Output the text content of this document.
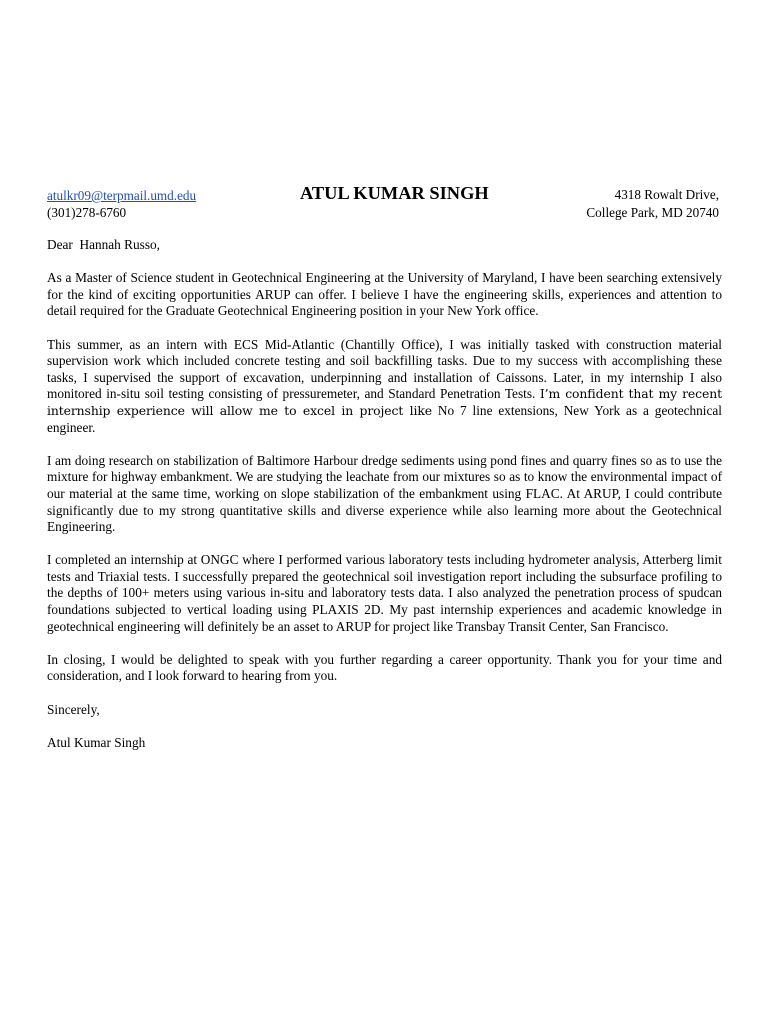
atulkr09@terpmail.umd.edu
(301)278-6760
ATUL KUMAR SINGH	4318 Rowalt Drive,
College Park, MD 20740

Dear  Hannah Russo,

As a Master of Science student in Geotechnical Engineering at the University of Maryland, I have been searching extensively for the kind of exciting opportunities ARUP can offer. I believe I have the engineering skills, experiences and attention to detail required for the Graduate Geotechnical Engineering position in your New York office.

This summer, as an intern with ECS Mid-Atlantic (Chantilly Office), I was initially tasked with construction material supervision work which included concrete testing and soil backfilling tasks. Due to my success with accomplishing these tasks, I supervised the support of excavation, underpinning and installation of Caissons. Later, in my internship I also monitored in-situ soil testing consisting of pressuremeter, and Standard Penetration Tests. I’m confident that my recent internship experience will allow me to excel in project like No 7 line extensions, New York as a geotechnical engineer.

I am doing research on stabilization of Baltimore Harbour dredge sediments using pond fines and quarry fines so as to use the mixture for highway embankment. We are studying the leachate from our mixtures so as to know the environmental impact of our material at the same time, working on slope stabilization of the embankment using FLAC. At ARUP, I could contribute significantly due to my strong quantitative skills and diverse experience while also learning more about the Geotechnical Engineering.

I completed an internship at ONGC where I performed various laboratory tests including hydrometer analysis, Atterberg limit tests and Triaxial tests. I successfully prepared the geotechnical soil investigation report including the subsurface profiling to the depths of 100+ meters using various in-situ and laboratory tests data. I also analyzed the penetration process of spudcan foundations subjected to vertical loading using PLAXIS 2D. My past internship experiences and academic knowledge in geotechnical engineering will definitely be an asset to ARUP for project like Transbay Transit Center, San Francisco.

In closing, I would be delighted to speak with you further regarding a career opportunity. Thank you for your time and consideration, and I look forward to hearing from you.

Sincerely,

Atul Kumar Singh
